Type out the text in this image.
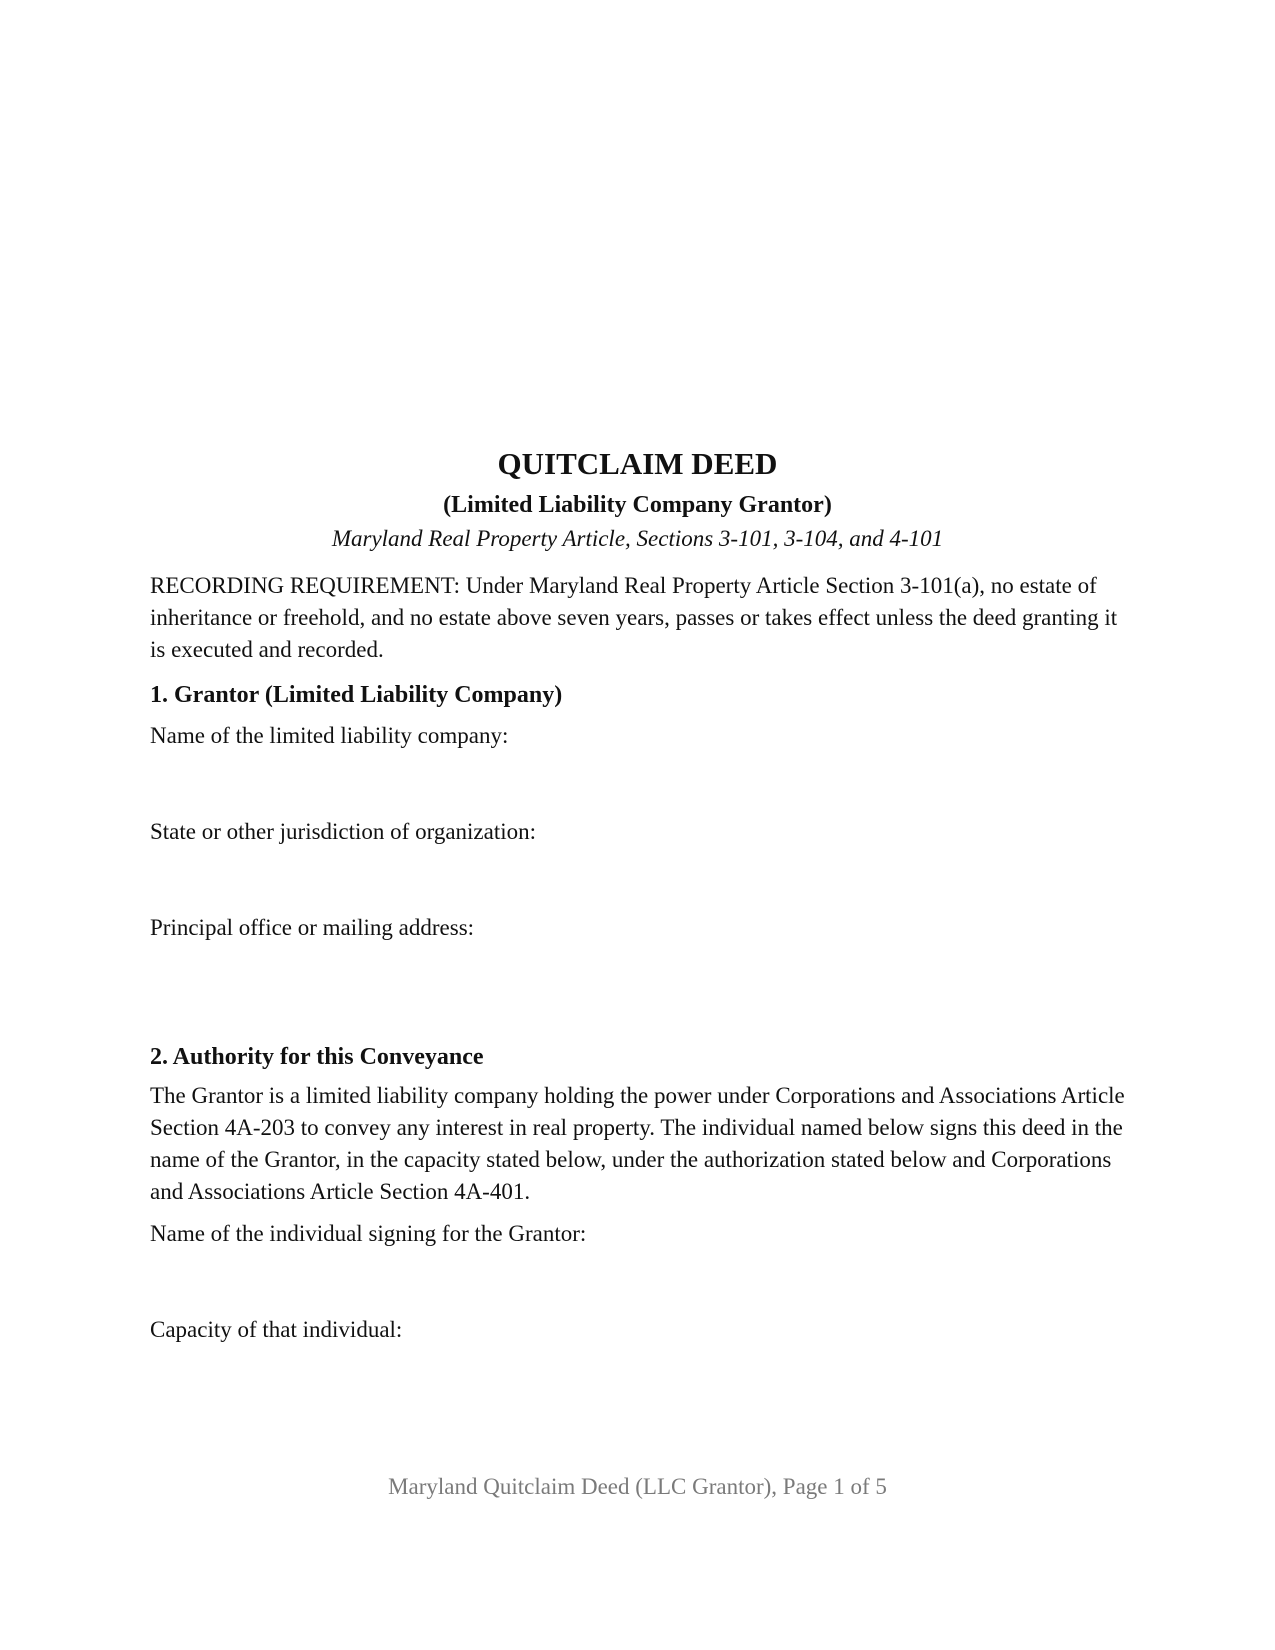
QUITCLAIM DEED
(Limited Liability Company Grantor)
Maryland Real Property Article, Sections 3-101, 3-104, and 4-101

RECORDING REQUIREMENT: Under Maryland Real Property Article Section 3-101(a), no estate of inheritance or freehold, and no estate above seven years, passes or takes effect unless the deed granting it is executed and recorded.

1. Grantor (Limited Liability Company)
Name of the limited liability company:
State or other jurisdiction of organization:
Principal office or mailing address:
2. Authority for this Conveyance

The Grantor is a limited liability company holding the power under Corporations and Associations Article Section 4A-203 to convey any interest in real property. The individual named below signs this deed in the name of the Grantor, in the capacity stated below, under the authorization stated below and Corporations and Associations Article Section 4A-401.

Name of the individual signing for the Grantor:
Capacity of that individual:
Maryland Quitclaim Deed (LLC Grantor), Page 1 of 5
